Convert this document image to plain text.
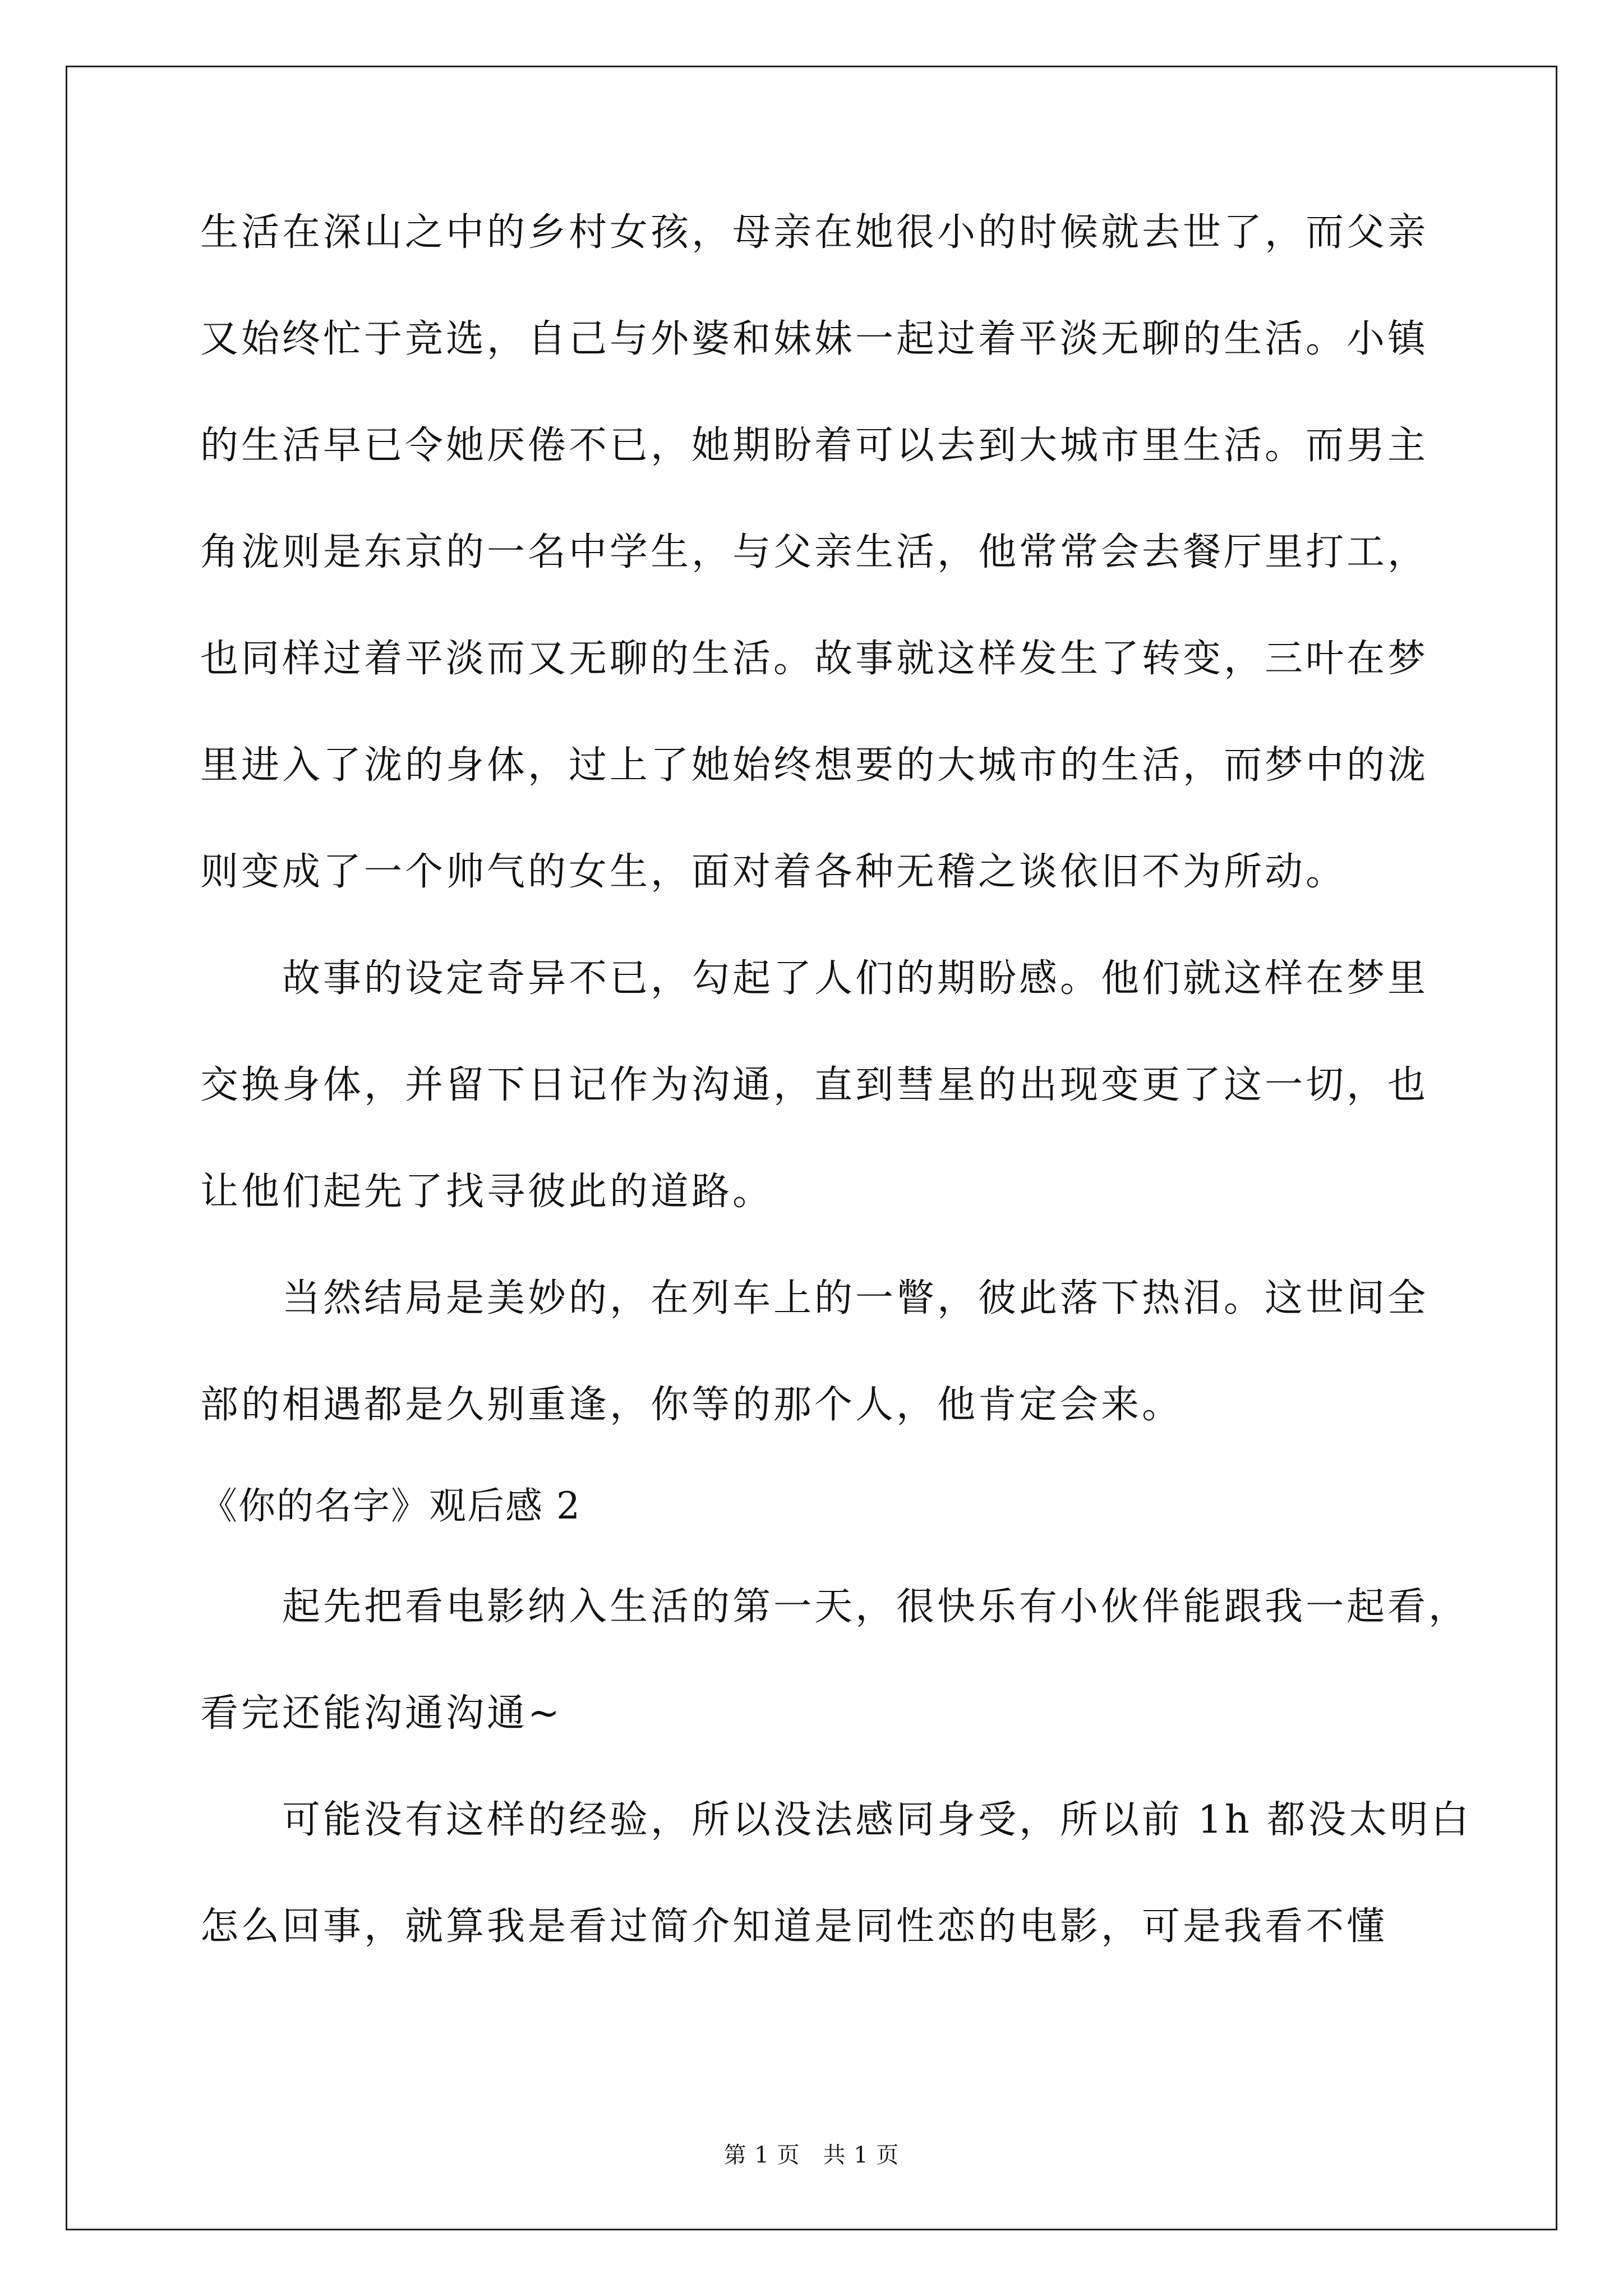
生活在深山之中的乡村女孩，母亲在她很小的时候就去世了，而父亲
又始终忙于竞选，自己与外婆和妹妹一起过着平淡无聊的生活。小镇
的生活早已令她厌倦不已，她期盼着可以去到大城市里生活。而男主
角泷则是东京的一名中学生，与父亲生活，他常常会去餐厅里打工，
也同样过着平淡而又无聊的生活。故事就这样发生了转变，三叶在梦
里进入了泷的身体，过上了她始终想要的大城市的生活，而梦中的泷
则变成了一个帅气的女生，面对着各种无稽之谈依旧不为所动。
　　故事的设定奇异不已，勾起了人们的期盼感。他们就这样在梦里
交换身体，并留下日记作为沟通，直到彗星的出现变更了这一切，也
让他们起先了找寻彼此的道路。
　　当然结局是美妙的，在列车上的一瞥，彼此落下热泪。这世间全
部的相遇都是久别重逢，你等的那个人，他肯定会来。
《你的名字》观后感 2
　　起先把看电影纳入生活的第一天，很快乐有小伙伴能跟我一起看，
看完还能沟通沟通~
　　可能没有这样的经验，所以没法感同身受，所以前 1h 都没太明白
怎么回事，就算我是看过简介知道是同性恋的电影，可是我看不懂
第 1 页　共 1 页
